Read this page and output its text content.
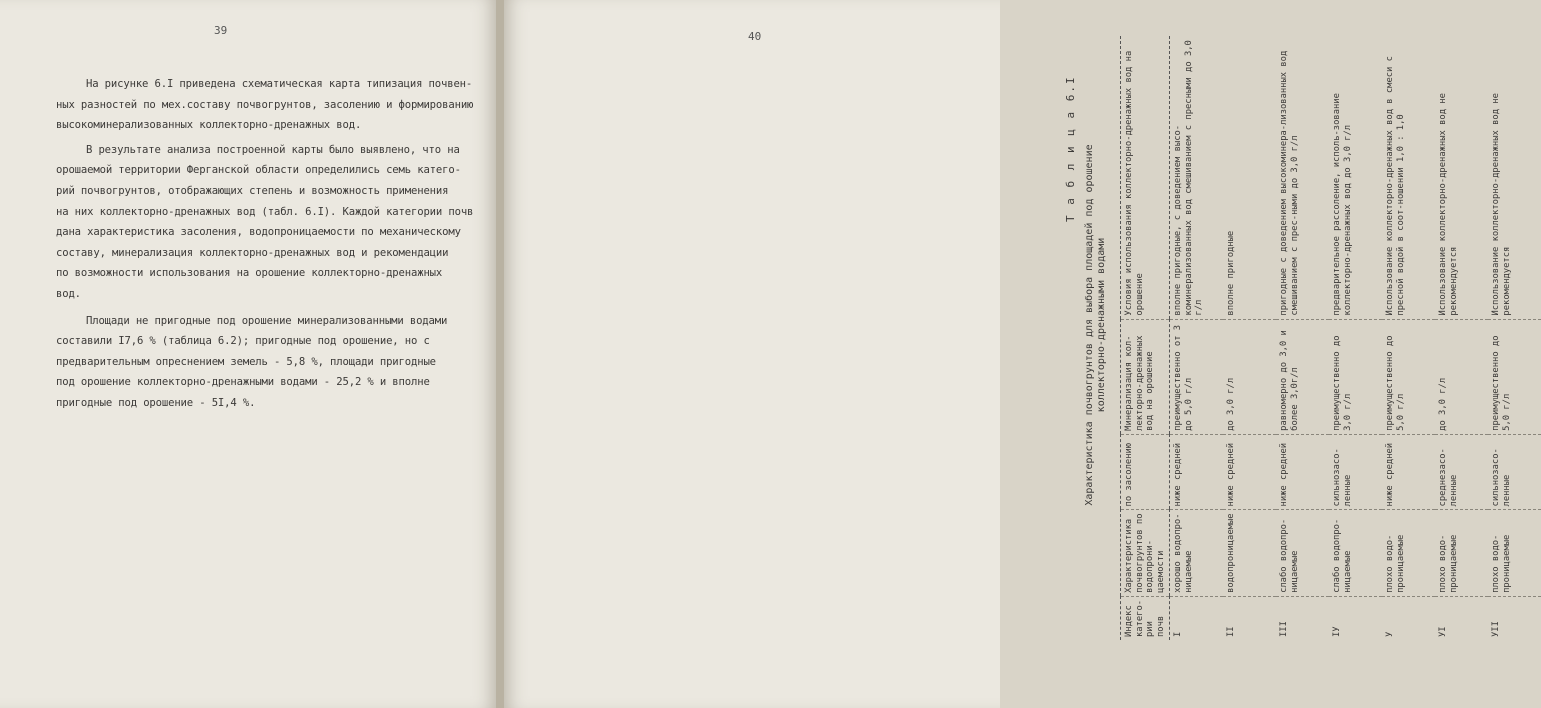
39
На рисунке 6.I приведена схематическая карта типизация почвен-
ных разностей по мех.составу почвогрунтов, засолению и формированию
высокоминерализованных коллекторно-дренажных вод.
В результате анализа построенной карты было выявлено, что на
орошаемой территории Ферганской области определились семь катего-
рий почвогрунтов, отображающих степень и возможность применения
на них коллекторно-дренажных вод (табл. 6.I). Каждой категории почв
дана характеристика засоления, водопроницаемости по механическому
составу, минерализация коллекторно-дренажных вод и рекомендации
по возможности использования на орошение коллекторно-дренажных
вод.
Площади не пригодные под орошение минерализованными водами
составили I7,6 % (таблица 6.2); пригодные под орошение, но с
предварительным опреснением земель - 5,8 %, площади пригодные
под орошение коллекторно-дренажными водами - 25,2 % и вполне
пригодные под орошение - 5I,4 %.
40
Т а б л и ц а 6.I Характеристика почвогрунтов для выбора площадей под орошение коллекторно-дренажными водами
Индекс катего-рии почв	Характеристика почвогрунтов по водопрони-цаемости	по засолению	Минерализация кол-лекторно-дренажных вод на орошение	Условия использования коллекторно-дренажных вод на орошение
I	хорошо водопро-ницаемые	ниже средней	преимущественно от 3 до 5,0 г/л	вполне пригодные, с доведением высо-коминерализованных вод смешиванием с пресными до 3,0 г/л
II	водопроницаемые	ниже средней	до 3,0 г/л	вполне пригодные
III	слабо водопро-ницаемые	ниже средней	равномерно до 3,0 и более 3,0г/л	пригодные с доведением высокоминера-лизованных вод смешиванием с прес-ными до 3,0 г/л
IУ	слабо водопро-ницаемые	сильнозасо-ленные	преимущественно до 3,0 г/л	предварительное рассоление, исполь-зование коллекторно-дренажных вод до 3,0 г/л
У	плохо водо-проницаемые	ниже средней	преимущественно до 5,0 г/л	Использование коллекторно-дренажных вод в смеси с пресной водой в соот-ношении 1,0 : 1,0
УI	плохо водо-проницаемые	среднезасо-ленные	до 3,0 г/л	Использование коллекторно-дренажных вод не рекомендуется
УII	плохо водо-проницаемые	сильнозасо-ленные	преимущественно до 5,0 г/л	Использование коллекторно-дренажных вод не рекомендуется
